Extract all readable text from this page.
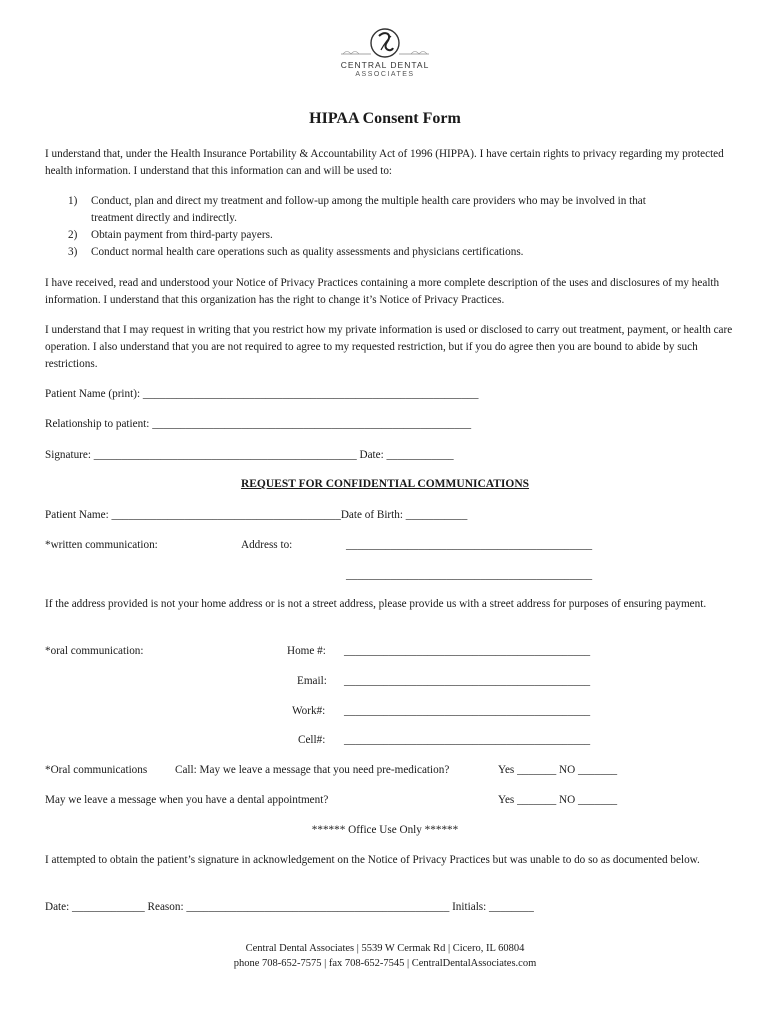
CENTRAL DENTAL
ASSOCIATES
HIPAA Consent Form
I understand that, under the Health Insurance Portability & Accountability Act of 1996 (HIPPA). I have certain rights to privacy regarding my protected health information. I understand that this information can and will be used to:
1) Conduct, plan and direct my treatment and follow-up among the multiple health care providers who may be involved in that
treatment directly and indirectly.
2) Obtain payment from third-party payers.
3) Conduct normal health care operations such as quality assessments and physicians certifications.
I have received, read and understood your Notice of Privacy Practices containing a more complete description of the uses and disclosures of my health information. I understand that this organization has the right to change it’s Notice of Privacy Practices.
I understand that I may request in writing that you restrict how my private information is used or disclosed to carry out treatment, payment, or health care operation. I also understand that you are not required to agree to my requested restriction, but if you do agree then you are bound to abide by such restrictions.
Patient Name (print): ____________________________________________________________
Relationship to patient: _________________________________________________________
Signature: _______________________________________________ Date: ____________
REQUEST FOR CONFIDENTIAL COMMUNICATIONS
Patient Name: _________________________________________Date of Birth: ___________
*written communication:	Address to:	____________________________________________
____________________________________________
If the address provided is not your home address or is not a street address, please provide us with a street address for purposes of ensuring payment.
*oral communication:	Home #: ____________________________________________
Email: ____________________________________________
Work#: ____________________________________________
Cell#: ____________________________________________
*Oral communications Call: May we leave a message that you need pre-medication?	Yes _______ NO _______
May we leave a message when you have a dental appointment?	Yes _______ NO _______
****** Office Use Only ******
I attempted to obtain the patient’s signature in acknowledgement on the Notice of Privacy Practices but was unable to do so as documented below.
Date: _____________ Reason: _______________________________________________ Initials: ________
Central Dental Associates | 5539 W Cermak Rd | Cicero, IL 60804
phone 708-652-7575 | fax 708-652-7545 | CentralDentalAssociates.com
